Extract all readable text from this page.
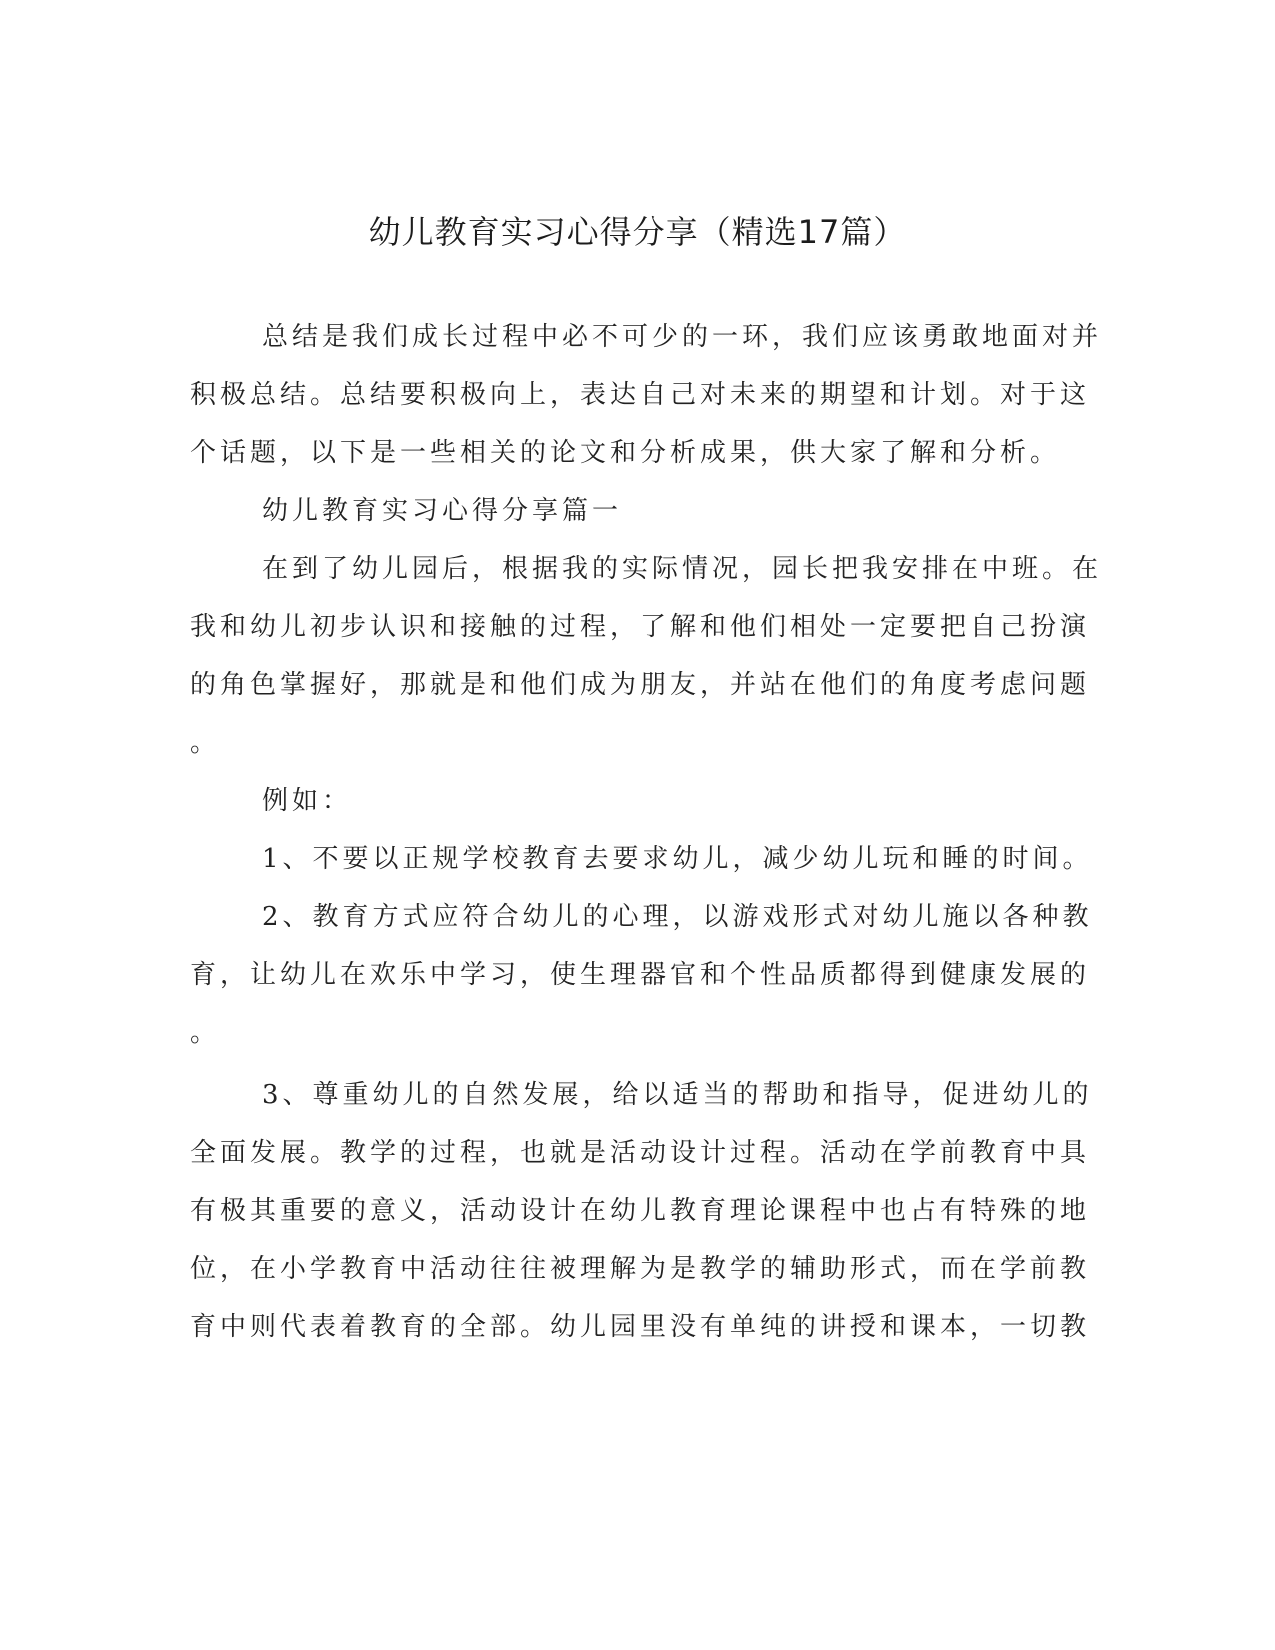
幼儿教育实习心得分享（精选17篇）
总结是我们成长过程中必不可少的一环，我们应该勇敢地面对并
积极总结。总结要积极向上，表达自己对未来的期望和计划。对于这
个话题，以下是一些相关的论文和分析成果，供大家了解和分析。
幼儿教育实习心得分享篇一
在到了幼儿园后，根据我的实际情况，园长把我安排在中班。在
我和幼儿初步认识和接触的过程，了解和他们相处一定要把自己扮演
的角色掌握好，那就是和他们成为朋友，并站在他们的角度考虑问题
。
例如：
1、不要以正规学校教育去要求幼儿，减少幼儿玩和睡的时间。
2、教育方式应符合幼儿的心理，以游戏形式对幼儿施以各种教
育，让幼儿在欢乐中学习，使生理器官和个性品质都得到健康发展的
。
3、尊重幼儿的自然发展，给以适当的帮助和指导，促进幼儿的
全面发展。教学的过程，也就是活动设计过程。活动在学前教育中具
有极其重要的意义，活动设计在幼儿教育理论课程中也占有特殊的地
位，在小学教育中活动往往被理解为是教学的辅助形式，而在学前教
育中则代表着教育的全部。幼儿园里没有单纯的讲授和课本，一切教
